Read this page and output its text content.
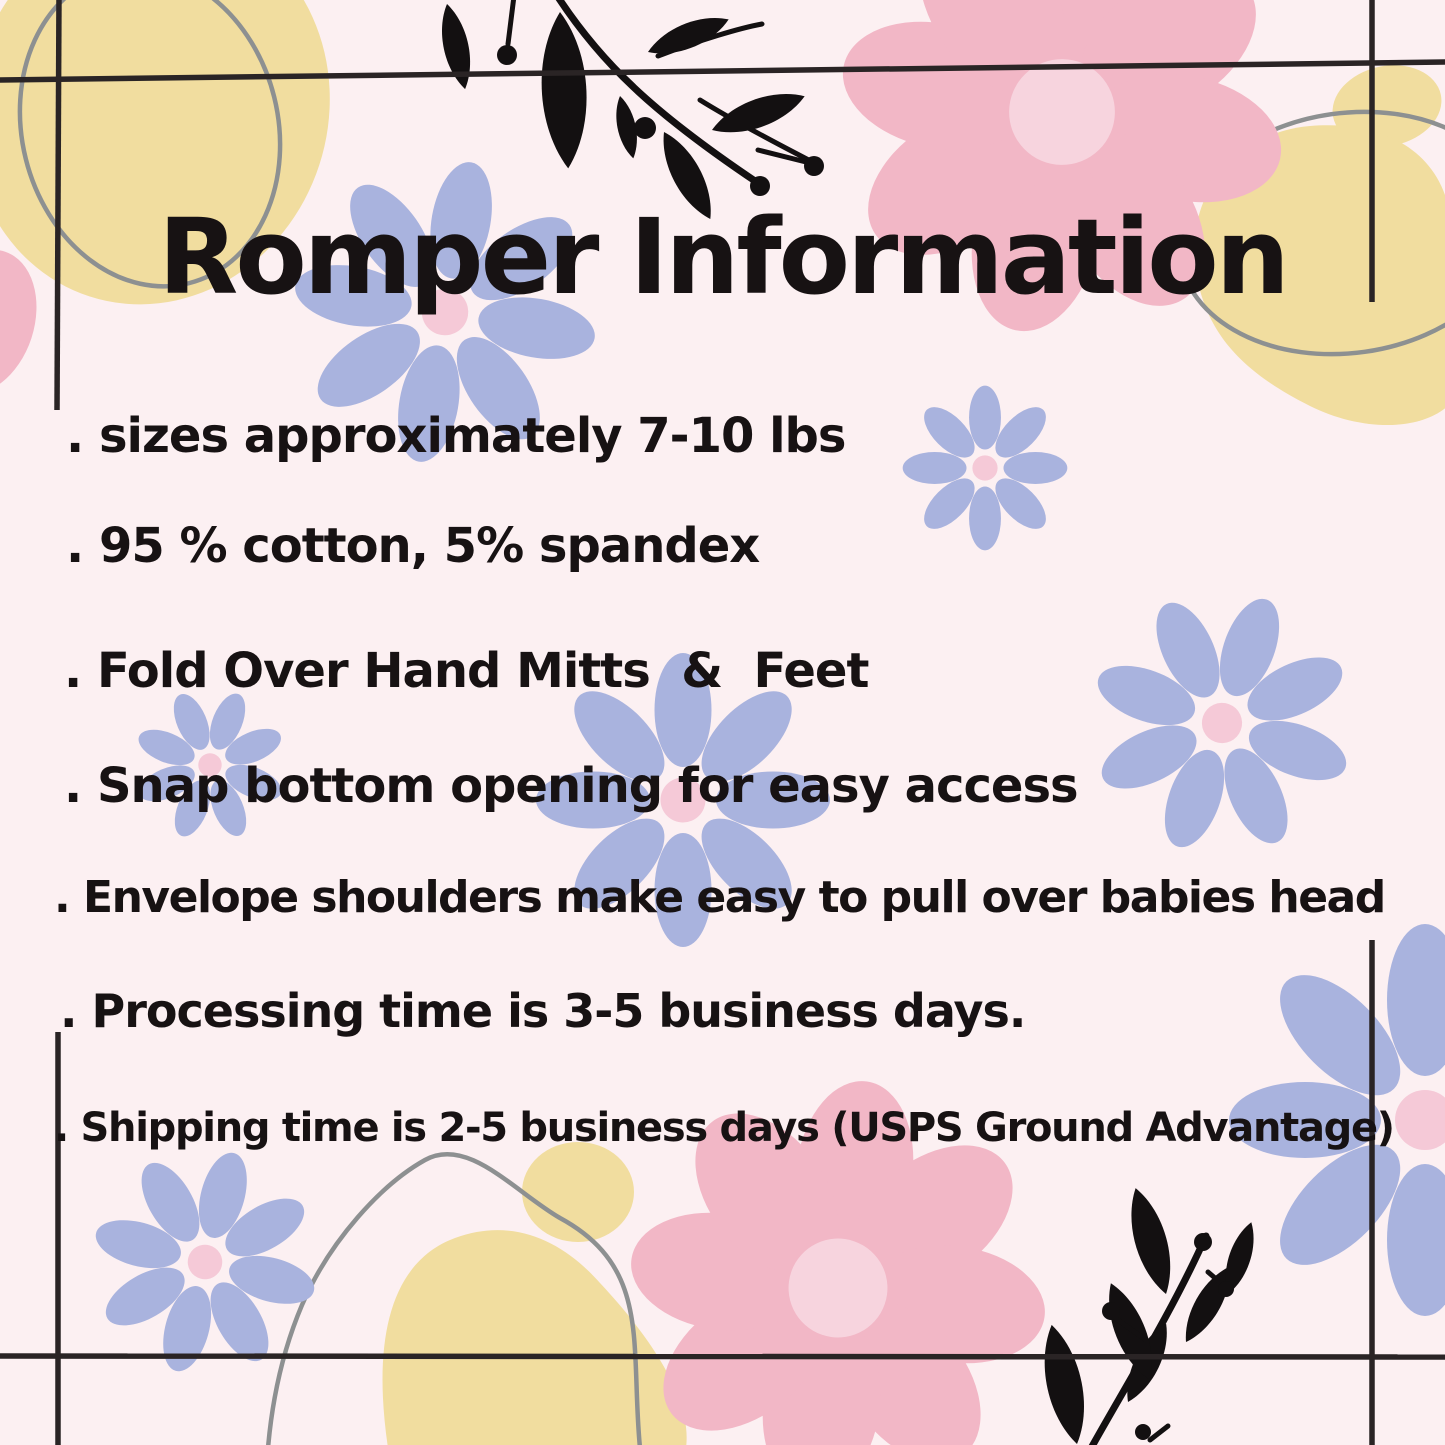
Romper Information
. sizes approximately 7-10 lbs
. 95 % cotton, 5% spandex
. Fold Over Hand Mitts  &  Feet
. Snap bottom opening for easy access
. Envelope shoulders make easy to pull over babies head
. Processing time is 3-5 business days.
. Shipping time is 2-5 business days (USPS Ground Advantage)
